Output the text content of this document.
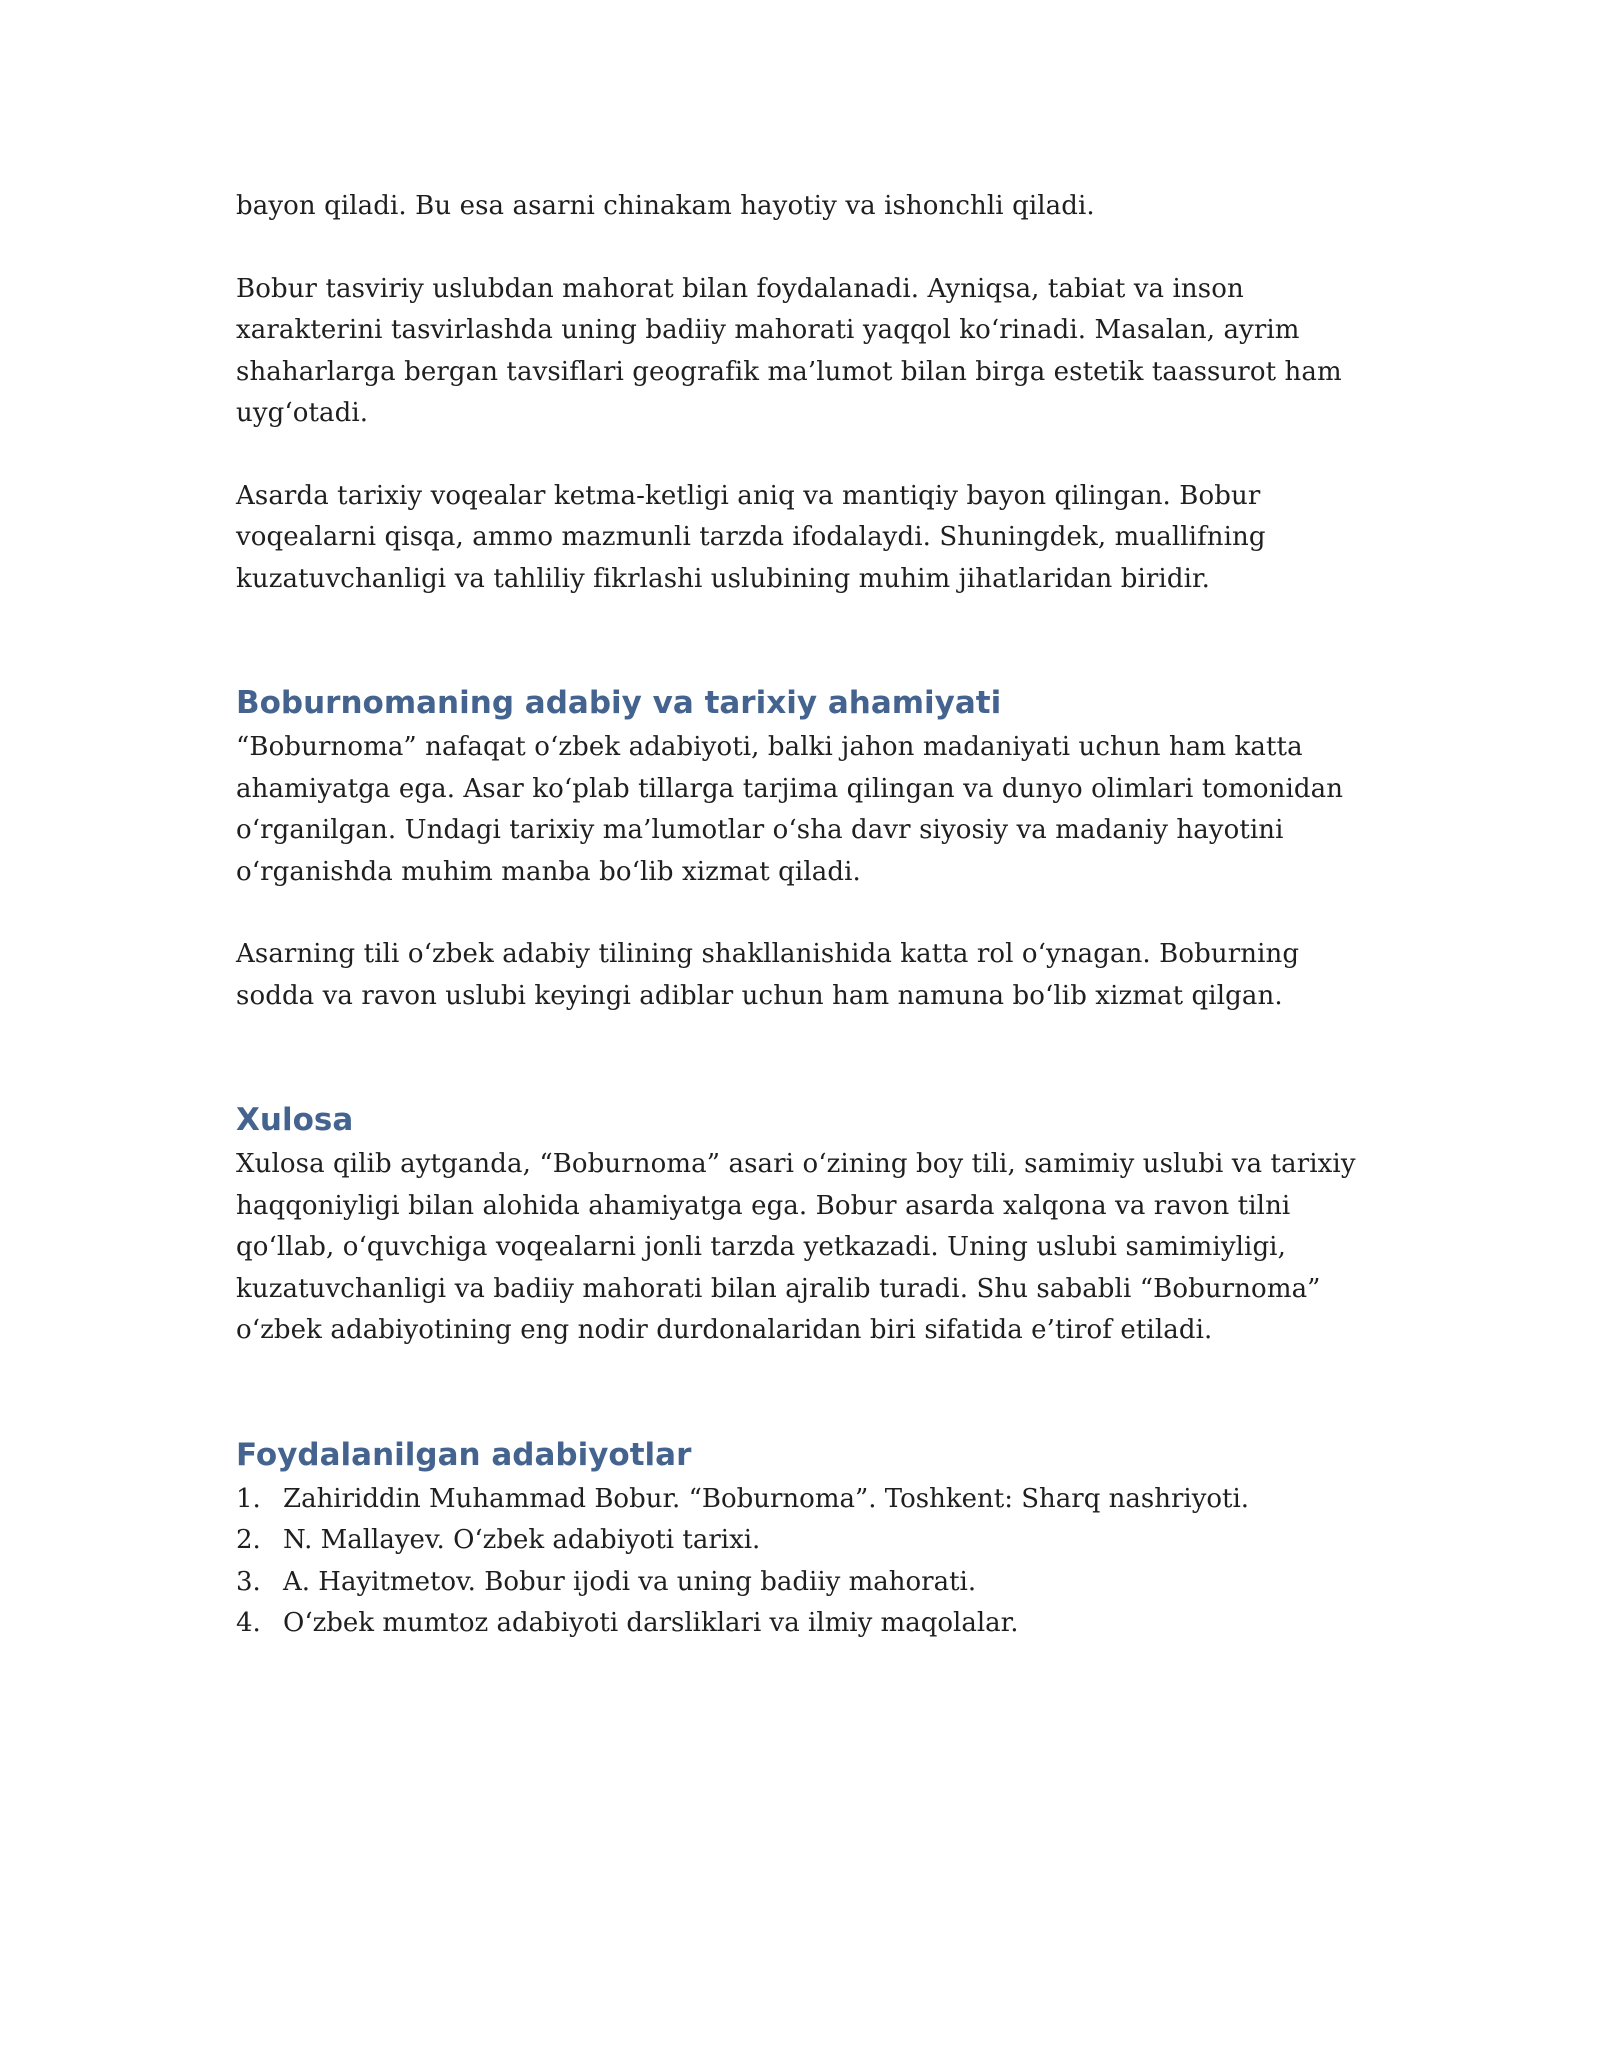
bayon qiladi. Bu esa asarni chinakam hayotiy va ishonchli qiladi.

Bobur tasviriy uslubdan mahorat bilan foydalanadi. Ayniqsa, tabiat va inson xarakterini tasvirlashda uning badiiy mahorati yaqqol koʻrinadi. Masalan, ayrim shaharlarga bergan tavsiflari geografik ma’lumot bilan birga estetik taassurot ham uygʻotadi.

Asarda tarixiy voqealar ketma-ketligi aniq va mantiqiy bayon qilingan. Bobur voqealarni qisqa, ammo mazmunli tarzda ifodalaydi. Shuningdek, muallifning kuzatuvchanligi va tahliliy fikrlashi uslubining muhim jihatlaridan biridir.

Boburnomaning adabiy va tarixiy ahamiyati

“Boburnoma” nafaqat oʻzbek adabiyoti, balki jahon madaniyati uchun ham katta ahamiyatga ega. Asar koʻplab tillarga tarjima qilingan va dunyo olimlari tomonidan oʻrganilgan. Undagi tarixiy ma’lumotlar oʻsha davr siyosiy va madaniy hayotini oʻrganishda muhim manba boʻlib xizmat qiladi.

Asarning tili oʻzbek adabiy tilining shakllanishida katta rol oʻynagan. Boburning sodda va ravon uslubi keyingi adiblar uchun ham namuna boʻlib xizmat qilgan.

Xulosa

Xulosa qilib aytganda, “Boburnoma” asari oʻzining boy tili, samimiy uslubi va tarixiy haqqoniyligi bilan alohida ahamiyatga ega. Bobur asarda xalqona va ravon tilni qoʻllab, oʻquvchiga voqealarni jonli tarzda yetkazadi. Uning uslubi samimiyligi, kuzatuvchanligi va badiiy mahorati bilan ajralib turadi. Shu sababli “Boburnoma” oʻzbek adabiyotining eng nodir durdonalaridan biri sifatida e’tirof etiladi.

Foydalanilgan adabiyotlar
1. Zahiriddin Muhammad Bobur. “Boburnoma”. Toshkent: Sharq nashriyoti.
2. N. Mallayev. Oʻzbek adabiyoti tarixi.
3. A. Hayitmetov. Bobur ijodi va uning badiiy mahorati.
4. Oʻzbek mumtoz adabiyoti darsliklari va ilmiy maqolalar.
